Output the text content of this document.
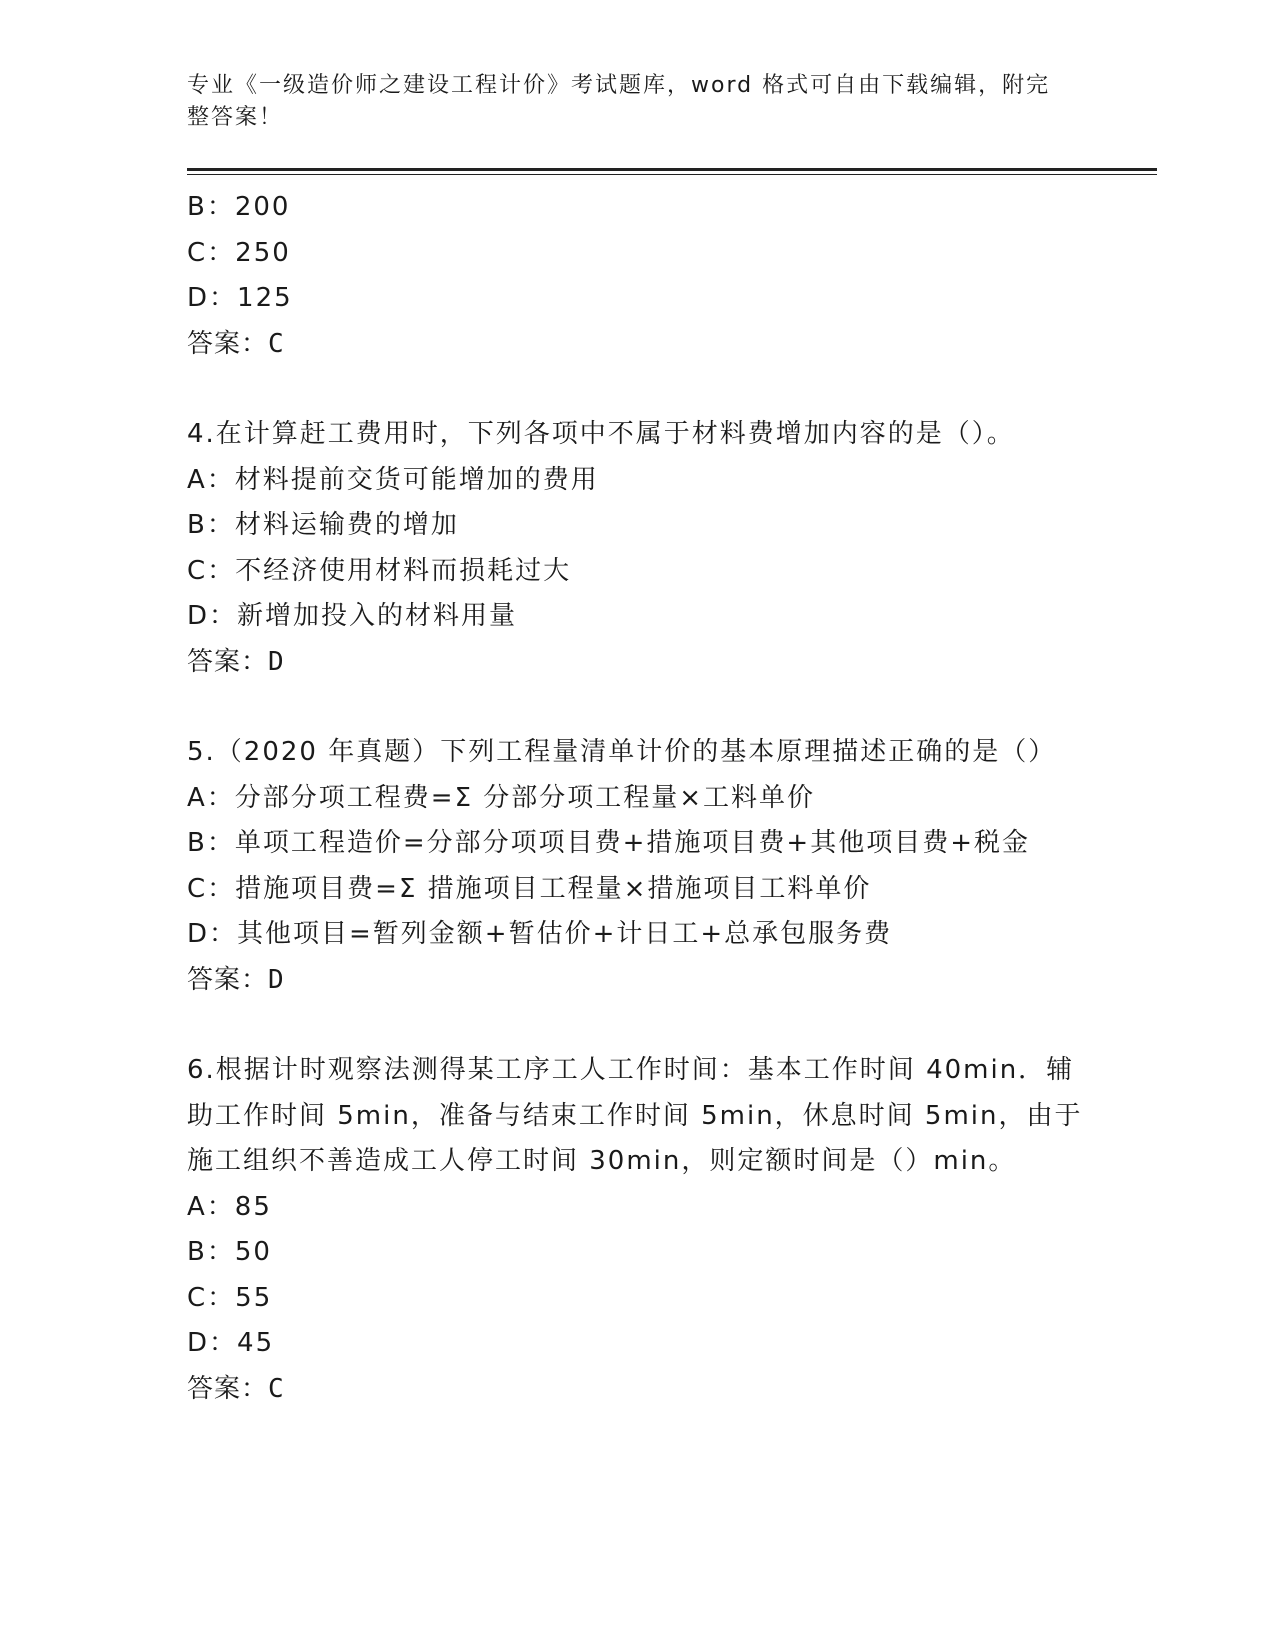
专业《一级造价师之建设工程计价》考试题库，word 格式可自由下载编辑，附完整答案！

B：200
C：250
D：125
答案：C
4.在计算赶工费用时，下列各项中不属于材料费增加内容的是（）。
A：材料提前交货可能增加的费用
B：材料运输费的增加
C：不经济使用材料而损耗过大
D：新增加投入的材料用量
答案：D
5.（2020 年真题）下列工程量清单计价的基本原理描述正确的是（）
A：分部分项工程费=Σ 分部分项工程量×工料单价
B：单项工程造价=分部分项项目费+措施项目费+其他项目费+税金
C：措施项目费=Σ 措施项目工程量×措施项目工料单价
D：其他项目=暂列金额+暂估价+计日工+总承包服务费
答案：D
6.根据计时观察法测得某工序工人工作时间：基本工作时间 40min．辅助工作时间 5min，准备与结束工作时间 5min，休息时间 5min，由于施工组织不善造成工人停工时间 30min，则定额时间是（）min。
A：85
B：50
C：55
D：45
答案：C
